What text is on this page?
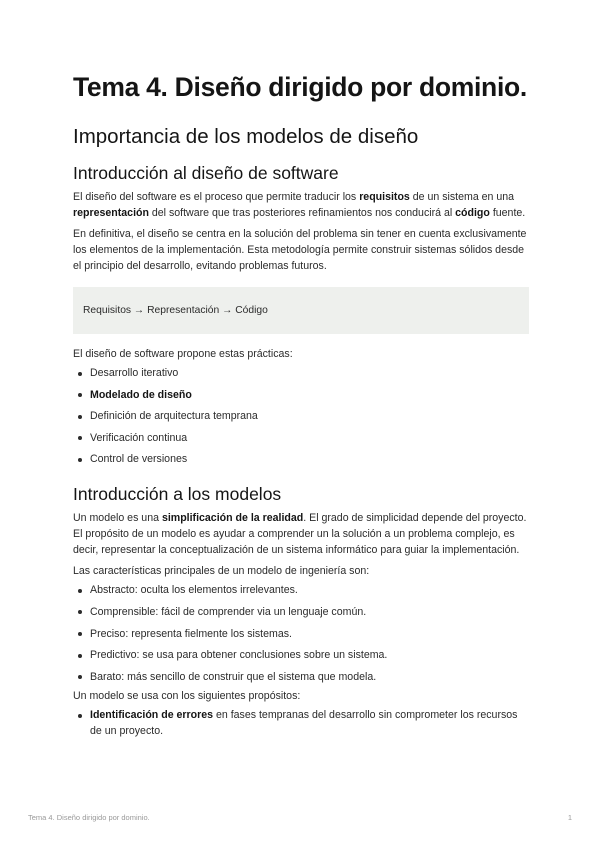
Tema 4. Diseño dirigido por dominio.
Importancia de los modelos de diseño
Introducción al diseño de software

El diseño del software es el proceso que permite traducir los requisitos de un sistema en una representación del software que tras posteriores refinamientos nos conducirá al código fuente.

En definitiva, el diseño se centra en la solución del problema sin tener en cuenta exclusivamente los elementos de la implementación. Esta metodología permite construir sistemas sólidos desde el principio del desarrollo, evitando problemas futuros.

Requisitos → Representación → Código

El diseño de software propone estas prácticas:

Desarrollo iterativo
Modelado de diseño
Definición de arquitectura temprana
Verificación continua
Control de versiones
Introducción a los modelos

Un modelo es una simplificación de la realidad. El grado de simplicidad depende del proyecto. El propósito de un modelo es ayudar a comprender un la solución a un problema complejo, es decir, representar la conceptualización de un sistema informático para guiar la implementación.

Las características principales de un modelo de ingeniería son:

Abstracto: oculta los elementos irrelevantes.
Comprensible: fácil de comprender via un lenguaje común.
Preciso: representa fielmente los sistemas.
Predictivo: se usa para obtener conclusiones sobre un sistema.
Barato: más sencillo de construir que el sistema que modela.

Un modelo se usa con los siguientes propósitos:

Identificación de errores en fases tempranas del desarrollo sin comprometer los recursos de un proyecto.
Tema 4. Diseño dirigido por dominio.	1
